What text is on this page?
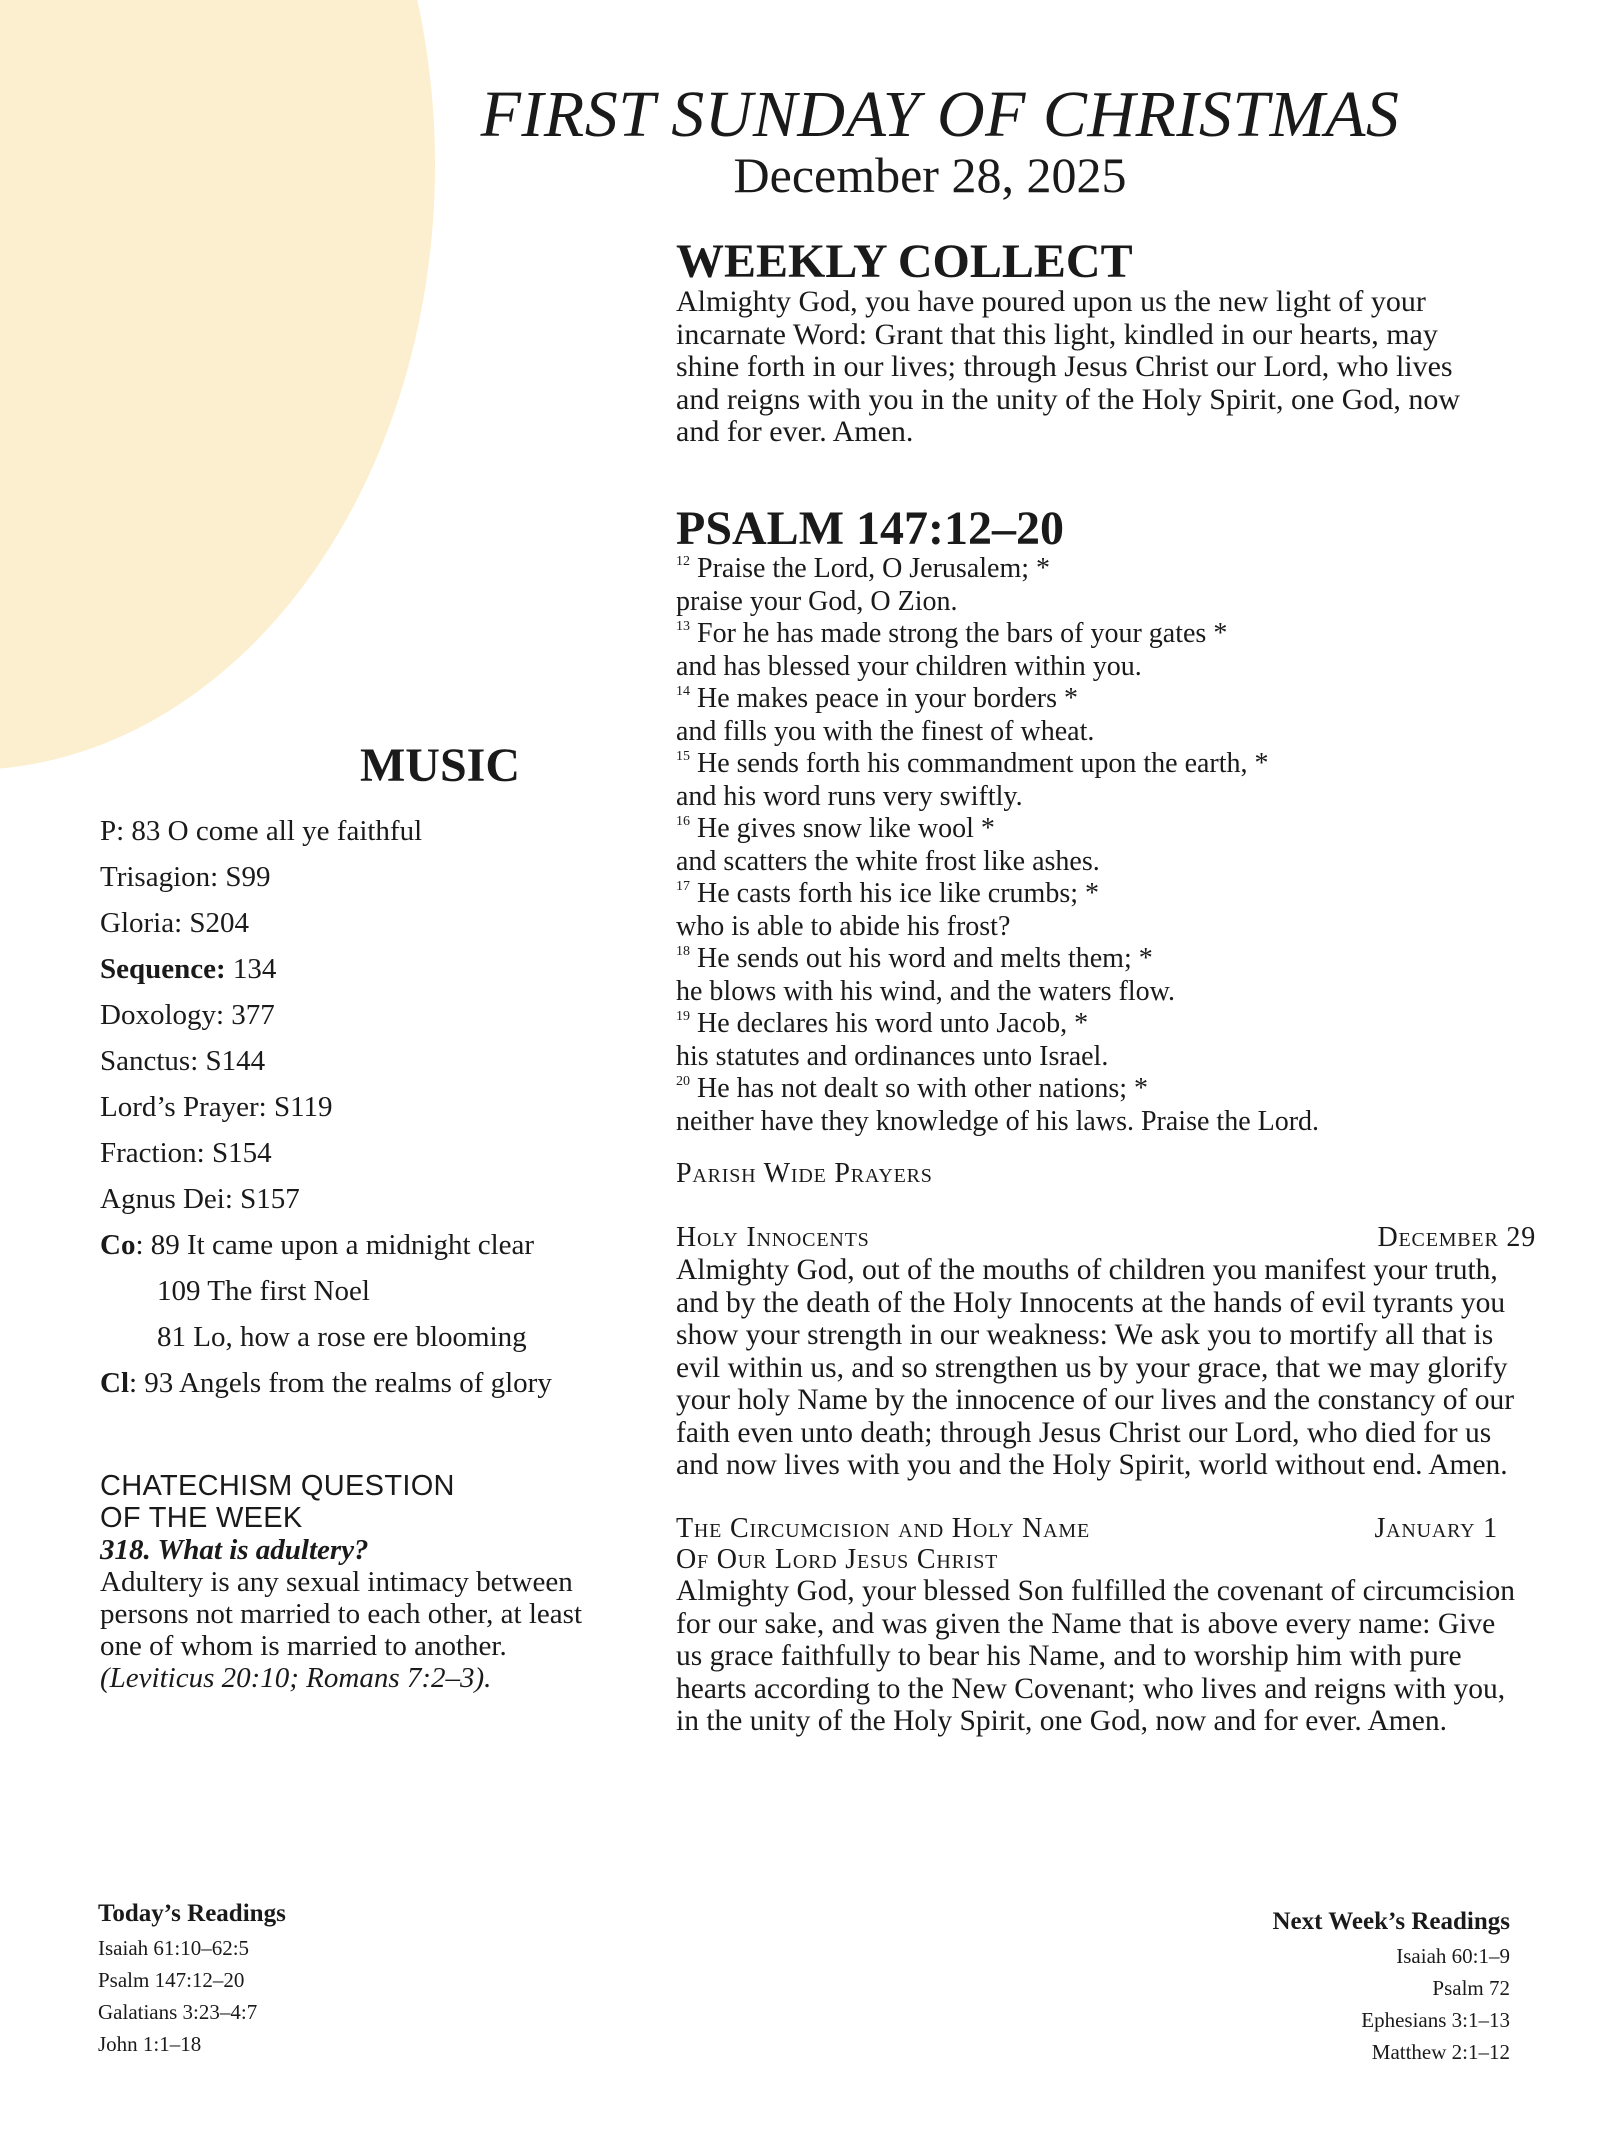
FIRST SUNDAY OF CHRISTMAS
December 28, 2025
WEEKLY COLLECT
Almighty God, you have poured upon us the new light of your
incarnate Word: Grant that this light, kindled in our hearts, may
shine forth in our lives; through Jesus Christ our Lord, who lives
and reigns with you in the unity of the Holy Spirit, one God, now
and for ever. Amen.
PSALM 147:12–20
$^{12}$ Praise the Lord, O Jerusalem; *
praise your God, O Zion.
$^{13}$ For he has made strong the bars of your gates *
and has blessed your children within you.
$^{14}$ He makes peace in your borders *
and fills you with the finest of wheat.
$^{15}$ He sends forth his commandment upon the earth, *
and his word runs very swiftly.
$^{16}$ He gives snow like wool *
and scatters the white frost like ashes.
$^{17}$ He casts forth his ice like crumbs; *
who is able to abide his frost?
$^{18}$ He sends out his word and melts them; *
he blows with his wind, and the waters flow.
$^{19}$ He declares his word unto Jacob, *
his statutes and ordinances unto Israel.
$^{20}$ He has not dealt so with other nations; *
neither have they knowledge of his laws. Praise the Lord.
Parish Wide Prayers
Holy Innocents	December 29
Almighty God, out of the mouths of children you manifest your truth,
and by the death of the Holy Innocents at the hands of evil tyrants you
show your strength in our weakness: We ask you to mortify all that is
evil within us, and so strengthen us by your grace, that we may glorify
your holy Name by the innocence of our lives and the constancy of our
faith even unto death; through Jesus Christ our Lord, who died for us
and now lives with you and the Holy Spirit, world without end. Amen.
The Circumcision and Holy Name	January 1
Of Our Lord Jesus Christ
Almighty God, your blessed Son fulfilled the covenant of circumcision
for our sake, and was given the Name that is above every name: Give
us grace faithfully to bear his Name, and to worship him with pure
hearts according to the New Covenant; who lives and reigns with you,
in the unity of the Holy Spirit, one God, now and for ever. Amen.
MUSIC
P: 83 O come all ye faithful
Trisagion: S99
Gloria: S204
Sequence: 134
Doxology: 377
Sanctus: S144
Lord’s Prayer: S119
Fraction: S154
Agnus Dei: S157
Co: 89 It came upon a midnight clear
109 The first Noel
81 Lo, how a rose ere blooming
Cl: 93 Angels from the realms of glory
CHATECHISM QUESTION
OF THE WEEK
318. What is adultery?
Adultery is any sexual intimacy between
persons not married to each other, at least
one of whom is married to another.
(Leviticus 20:10; Romans 7:2–3).
Today’s Readings
Isaiah 61:10–62:5
Psalm 147:12–20
Galatians 3:23–4:7
John 1:1–18
Next Week’s Readings
Isaiah 60:1–9
Psalm 72
Ephesians 3:1–13
Matthew 2:1–12
